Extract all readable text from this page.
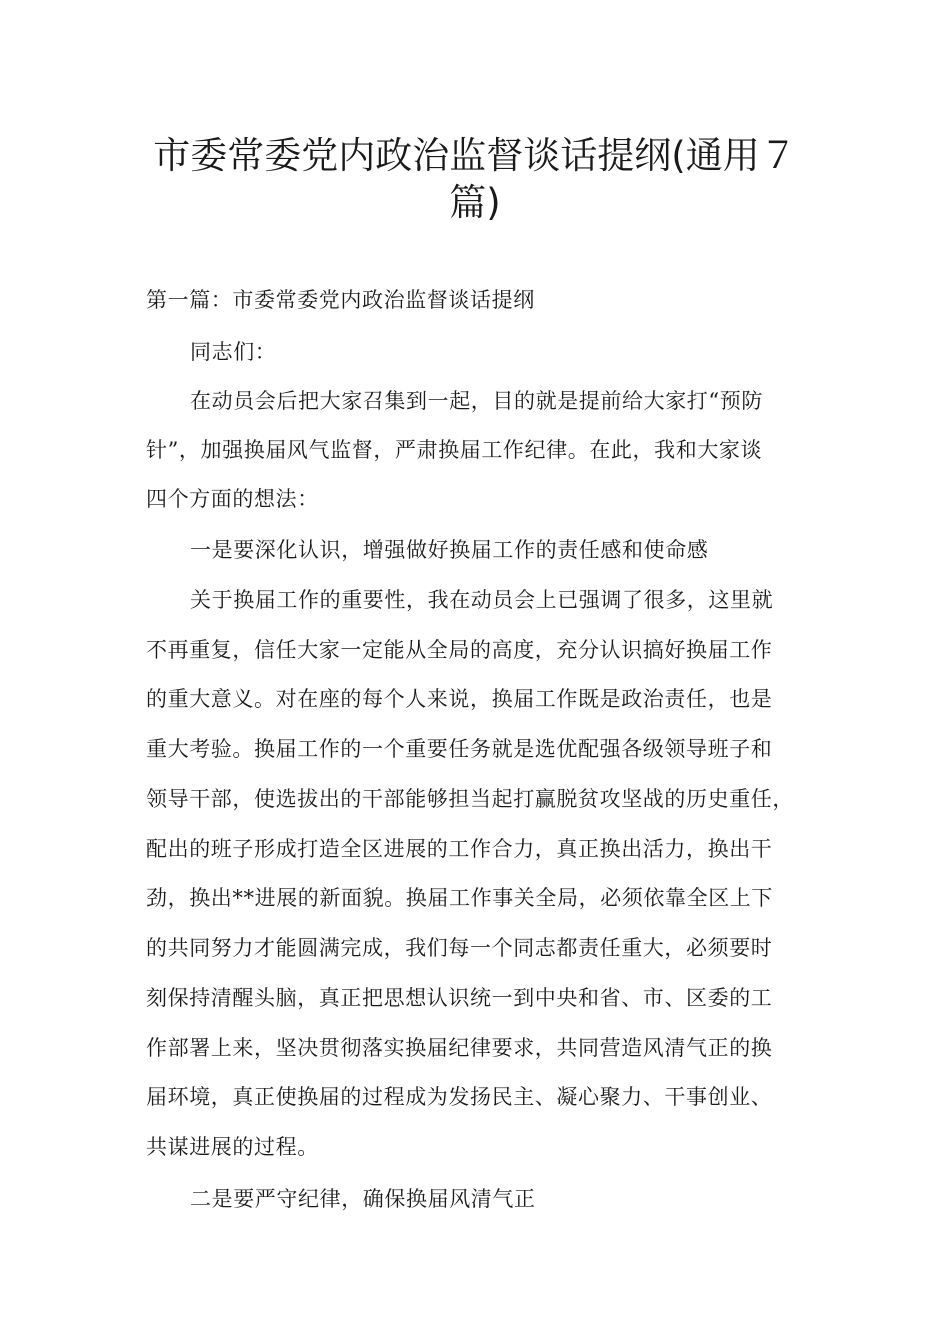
市委常委党内政治监督谈话提纲(通用７
篇)

第一篇：市委常委党内政治监督谈话提纲

同志们：

在动员会后把大家召集到一起，目的就是提前给大家打“预防

针”，加强换届风气监督，严肃换届工作纪律。在此，我和大家谈

四个方面的想法：

一是要深化认识，增强做好换届工作的责任感和使命感

关于换届工作的重要性，我在动员会上已强调了很多，这里就

不再重复，信任大家一定能从全局的高度，充分认识搞好换届工作

的重大意义。对在座的每个人来说，换届工作既是政治责任，也是

重大考验。换届工作的一个重要任务就是选优配强各级领导班子和

领导干部，使选拔出的干部能够担当起打赢脱贫攻坚战的历史重任，

配出的班子形成打造全区进展的工作合力，真正换出活力，换出干

劲，换出**进展的新面貌。换届工作事关全局，必须依靠全区上下

的共同努力才能圆满完成，我们每一个同志都责任重大，必须要时

刻保持清醒头脑，真正把思想认识统一到中央和省、市、区委的工

作部署上来，坚决贯彻落实换届纪律要求，共同营造风清气正的换

届环境，真正使换届的过程成为发扬民主、凝心聚力、干事创业、

共谋进展的过程。

二是要严守纪律，确保换届风清气正
